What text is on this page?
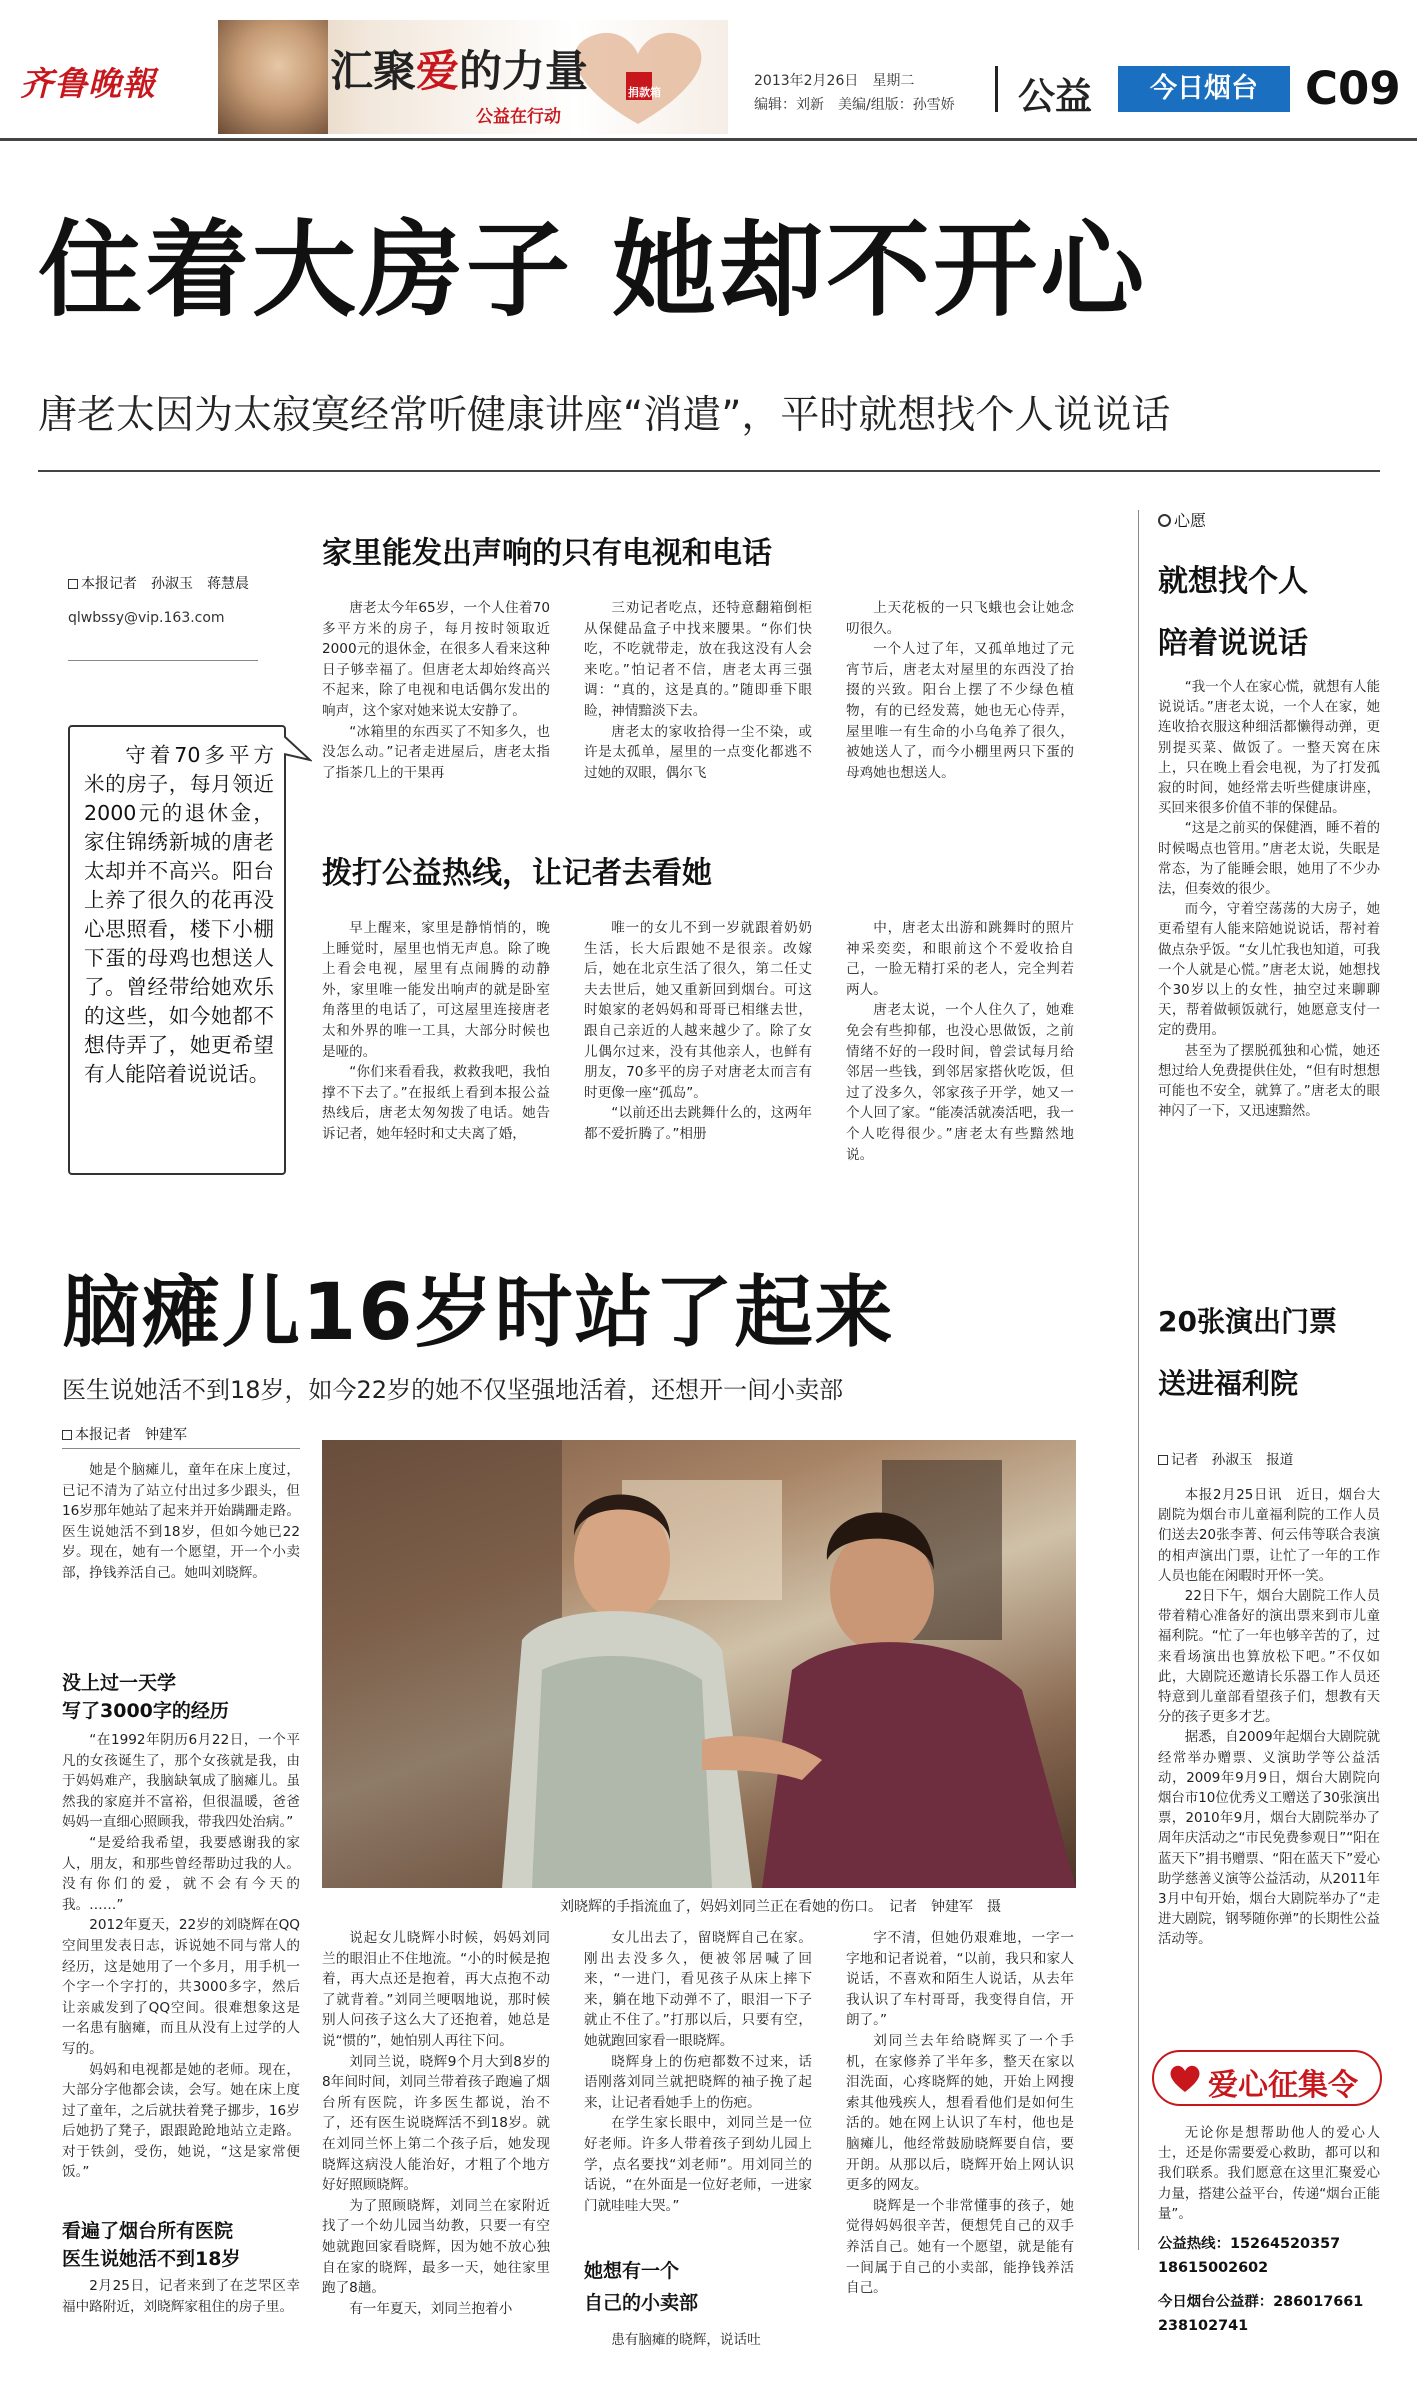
齐鲁晚報	汇聚爱的力量
公益在行动
捐款箱
2013年2月26日　 星期二
编辑：刘新　美编/组版：孙雪娇 公益	今日烟台	C09
住着大房子 她却不开心
唐老太因为太寂寞经常听健康讲座“消遣”，平时就想找个人说说话
本报记者　孙淑玉　蒋慧晨
qlwbssy@vip.163.com
守着70多平方米的房子，每月领近2000元的退休金，家住锦绣新城的唐老太却并不高兴。阳台上养了很久的花再没心思照看，楼下小棚下蛋的母鸡也想送人了。曾经带给她欢乐的这些，如今她都不想侍弄了，她更希望有人能陪着说说话。
家里能发出声响的只有电视和电话

唐老太今年65岁，一个人住着70多平方米的房子，每月按时领取近2000元的退休金，在很多人看来这种日子够幸福了。但唐老太却始终高兴不起来，除了电视和电话偶尔发出的响声，这个家对她来说太安静了。

“冰箱里的东西买了不知多久，也没怎么动。”记者走进屋后，唐老太指了指茶几上的干果再

三劝记者吃点，还特意翻箱倒柜从保健品盒子中找来腰果。“你们快吃，不吃就带走，放在我这没有人会来吃。”怕记者不信，唐老太再三强调：“真的，这是真的。”随即垂下眼睑，神情黯淡下去。

唐老太的家收拾得一尘不染，或许是太孤单，屋里的一点变化都逃不过她的双眼，偶尔飞

上天花板的一只飞蛾也会让她念叨很久。

一个人过了年，又孤单地过了元宵节后，唐老太对屋里的东西没了抬掇的兴致。阳台上摆了不少绿色植物，有的已经发蔫，她也无心侍弄，屋里唯一有生命的小乌龟养了很久，被她送人了，而今小棚里两只下蛋的母鸡她也想送人。

拨打公益热线，让记者去看她

早上醒来，家里是静悄悄的，晚上睡觉时，屋里也悄无声息。除了晚上看会电视，屋里有点闹腾的动静外，家里唯一能发出响声的就是卧室角落里的电话了，可这屋里连接唐老太和外界的唯一工具，大部分时候也是哑的。

“你们来看看我，救救我吧，我怕撑不下去了。”在报纸上看到本报公益热线后，唐老太匆匆拨了电话。她告诉记者，她年轻时和丈夫离了婚，

唯一的女儿不到一岁就跟着奶奶生活，长大后跟她不是很亲。改嫁后，她在北京生活了很久，第二任丈夫去世后，她又重新回到烟台。可这时娘家的老妈妈和哥哥已相继去世，跟自己亲近的人越来越少了。除了女儿偶尔过来，没有其他亲人，也鲜有朋友，70多平的房子对唐老太而言有时更像一座“孤岛”。

“以前还出去跳舞什么的，这两年都不爱折腾了。”相册

中，唐老太出游和跳舞时的照片神采奕奕，和眼前这个不爱收拾自己，一脸无精打采的老人，完全判若两人。

唐老太说，一个人住久了，她难免会有些抑郁，也没心思做饭，之前情绪不好的一段时间，曾尝试每月给邻居一些钱，到邻居家搭伙吃饭，但过了没多久，邻家孩子开学，她又一个人回了家。“能凑活就凑活吧，我一个人吃得很少。”唐老太有些黯然地说。

心愿
就想找个人
陪着说说话

“我一个人在家心慌，就想有人能说说话。”唐老太说，一个人在家，她连收拾衣服这种细活都懒得动弹，更别提买菜、做饭了。一整天窝在床上，只在晚上看会电视，为了打发孤寂的时间，她经常去听些健康讲座，买回来很多价值不菲的保健品。

“这是之前买的保健酒，睡不着的时候喝点也管用。”唐老太说，失眠是常态，为了能睡会眼，她用了不少办法，但奏效的很少。

而今，守着空荡荡的大房子，她更希望有人能来陪她说说话，帮衬着做点杂乎饭。“女儿忙我也知道，可我一个人就是心慌。”唐老太说，她想找个30岁以上的女性，抽空过来聊聊天，帮着做顿饭就行，她愿意支付一定的费用。

甚至为了摆脱孤独和心慌，她还想过给人免费提供住处，“但有时想想可能也不安全，就算了。”唐老太的眼神闪了一下，又迅速黯然。

脑瘫儿16岁时站了起来
医生说她活不到18岁，如今22岁的她不仅坚强地活着，还想开一间小卖部
本报记者　钟建军

她是个脑瘫儿，童年在床上度过，已记不清为了站立付出过多少跟头，但16岁那年她站了起来并开始蹒跚走路。医生说她活不到18岁，但如今她已22岁。现在，她有一个愿望，开一个小卖部，挣钱养活自己。她叫刘晓辉。

没上过一天学
写了3000字的经历

“在1992年阴历6月22日，一个平凡的女孩诞生了，那个女孩就是我，由于妈妈难产，我脑缺氧成了脑瘫儿。虽然我的家庭并不富裕，但很温暖，爸爸妈妈一直细心照顾我，带我四处治病。”

“是爱给我希望，我要感谢我的家人，朋友，和那些曾经帮助过我的人。没有你们的爱，就不会有今天的我。……”

2012年夏天，22岁的刘晓辉在QQ空间里发表日志，诉说她不同与常人的经历，这是她用了一个多月，用手机一个字一个字打的，共3000多字，然后让亲戚发到了QQ空间。很难想象这是一名患有脑瘫，而且从没有上过学的人写的。

妈妈和电视都是她的老师。现在，大部分字他都会读，会写。她在床上度过了童年，之后就扶着凳子挪步，16岁后她扔了凳子，跟跟跄跄地站立走路。对于铁剑，受伤，她说，“这是家常便饭。”

看遍了烟台所有医院
医生说她活不到18岁

2月25日，记者来到了在芝罘区幸福中路附近，刘晓辉家租住的房子里。

刘晓辉的手指流血了，妈妈刘同兰正在看她的伤口。　记者　钟建军　摄

说起女儿晓辉小时候，妈妈刘同兰的眼泪止不住地流。“小的时候是抱着，再大点还是抱着，再大点抱不动了就背着。”刘同兰哽咽地说，那时候别人问孩子这么大了还抱着，她总是说“惯的”，她怕别人再往下问。

刘同兰说，晓辉9个月大到8岁的8年间时间，刘同兰带着孩子跑遍了烟台所有医院，许多医生都说，治不了，还有医生说晓辉活不到18岁。就在刘同兰怀上第二个孩子后，她发现晓辉这病没人能治好，才粗了个地方好好照顾晓辉。

为了照顾晓辉，刘同兰在家附近找了一个幼儿园当幼教，只要一有空她就跑回家看晓辉，因为她不放心独自在家的晓辉，最多一天，她往家里跑了8趟。

有一年夏天，刘同兰抱着小

女儿出去了，留晓辉自己在家。刚出去没多久，便被邻居喊了回来，“一进门，看见孩子从床上摔下来，躺在地下动弹不了，眼泪一下子就止不住了。”打那以后，只要有空，她就跑回家看一眼晓辉。

晓辉身上的伤疤都数不过来，话语刚落刘同兰就把晓辉的袖子挽了起来，让记者看她手上的伤疤。

在学生家长眼中，刘同兰是一位好老师。许多人带着孩子到幼儿园上学，点名要找“刘老师”。用刘同兰的话说，“在外面是一位好老师，一进家门就哇哇大哭。”

她想有一个
自己的小卖部

患有脑瘫的晓辉，说话吐

字不清，但她仍艰难地，一字一字地和记者说着，“以前，我只和家人说话，不喜欢和陌生人说话，从去年我认识了车村哥哥，我变得自信，开朗了。”

刘同兰去年给晓辉买了一个手机，在家修养了半年多，整天在家以泪洗面，心疼晓辉的她，开始上网搜索其他残疾人，想看看他们是如何生活的。她在网上认识了车村，他也是脑瘫儿，他经常鼓励晓辉要自信，要开朗。从那以后，晓辉开始上网认识更多的网友。

晓辉是一个非常懂事的孩子，她觉得妈妈很辛苦，便想凭自己的双手养活自己。她有一个愿望，就是能有一间属于自己的小卖部，能挣钱养活自己。

20张演出门票
送进福利院
记者　孙淑玉　报道

本报2月25日讯　近日，烟台大剧院为烟台市儿童福利院的工作人员们送去20张李菁、何云伟等联合表演的相声演出门票，让忙了一年的工作人员也能在闲暇时开怀一笑。

22日下午，烟台大剧院工作人员带着精心准备好的演出票来到市儿童福利院。“忙了一年也够辛苦的了，过来看场演出也算放松下吧。”不仅如此，大剧院还邀请长乐器工作人员还特意到儿童部看望孩子们，想教有天分的孩子更多才艺。

据悉，自2009年起烟台大剧院就经常举办赠票、义演助学等公益活动，2009年9月9日，烟台大剧院向烟台市10位优秀义工赠送了30张演出票，2010年9月，烟台大剧院举办了周年庆活动之“市民免费参观日”“阳在蓝天下”捐书赠票、“阳在蓝天下”爱心助学慈善义演等公益活动，从2011年3月中旬开始，烟台大剧院举办了“走进大剧院，钢琴随你弹”的长期性公益活动等。

爱心征集令

无论你是想帮助他人的爱心人士，还是你需要爱心救助，都可以和我们联系。我们愿意在这里汇聚爱心力量，搭建公益平台，传递“烟台正能量”。

公益热线：15264520357
18615002602
今日烟台公益群：286017661
238102741
